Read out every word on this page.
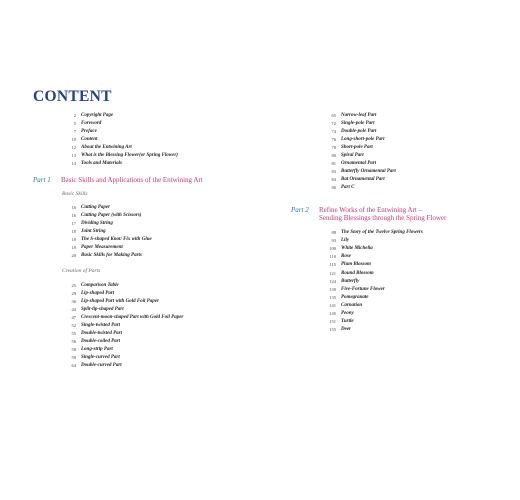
CONTENT
2 Copyright Page
5 Foreword
7 Preface
10 Content
12 About the Entwining Art
13 What is the Blessing Flower(or Spring Flower)
14 Tools and Materials
Part 1 Basic Skills and Applications of the Entwining Art
Basic Skills
16 Cutting Paper
16 Cutting Paper (with Scissors)
17 Dividing String
18 Joint String
18 The S-shaped Knot/ Fix with Glue
18 Paper Measurement
20 Basic Skills for Making Parts
Creation of Parts
25 Comparison Table
29 Lip-shaped Part
36 Lip-shaped Part with Gold Foil Paper
44 Split-lip-shaped Part
47 Crescent-moon-shaped Part with Gold Foil Paper
52 Single-twisted Part
55 Double-twisted Part
56 Double-coiled Part
58 Long-strip Part
59 Single-curved Part
64 Double-curved Part
65 Narrow-leaf Part
72 Single-pole Part
74 Double-pole Part
76 Long-short-pole Part
78 Short-pole Part
80 Spiral Part
81 Ornamental Part
83 Butterfly Ornamental Part
84 Bat Ornamental Part
86 Part C
Part 2 Refine Works of the Entwining Art –
Sending Blessings through the Spring Flower
88 The Story of the Twelve Spring Flowers
93 Lily
100 White Michelia
110 Rose
115 Plum Blossom
121 Round Blossom
124 Butterfly
130 Five-Fortune Flower
135 Pomegranate
141 Carnation
145 Peony
151 Turtle
155 Deer
